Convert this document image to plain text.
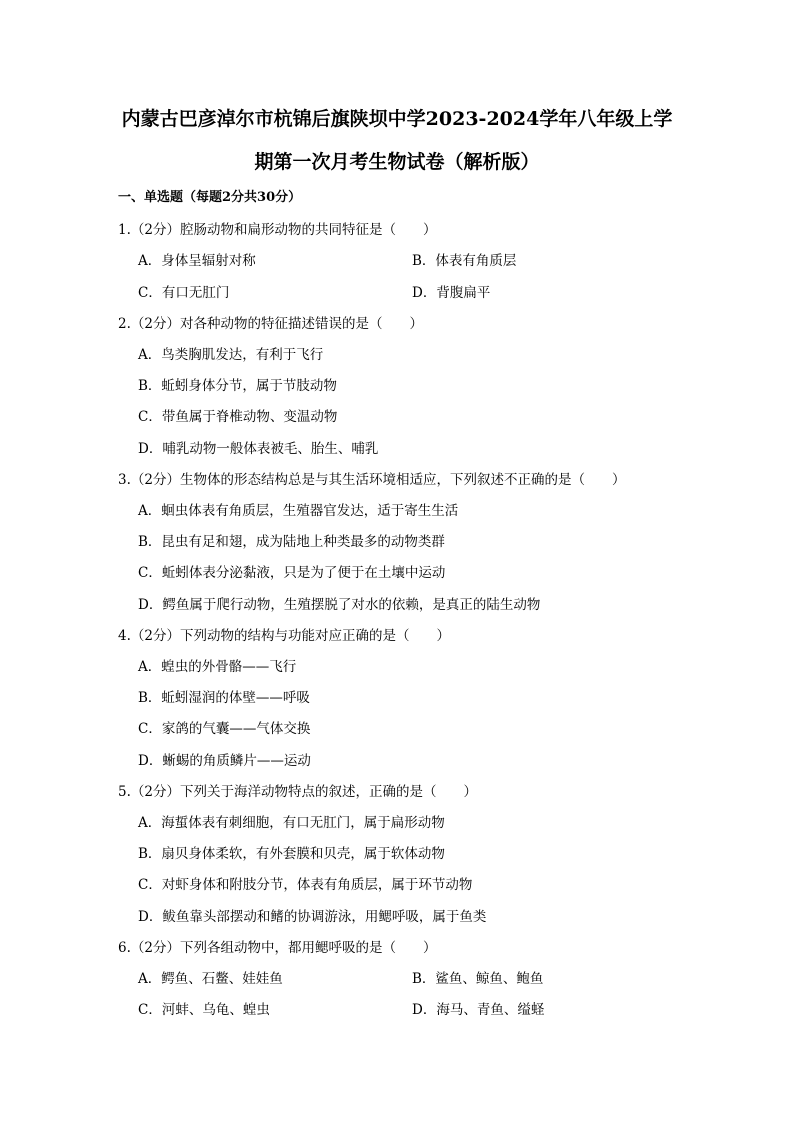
内蒙古巴彦淖尔市杭锦后旗陕坝中学2023-2024学年八年级上学
期第一次月考生物试卷（解析版）
一、单选题（每题2分共30分）
1.（2分）腔肠动物和扁形动物的共同特征是（　　）
A．身体呈辐射对称	B．体表有角质层
C．有口无肛门	D．背腹扁平
2.（2分）对各种动物的特征描述错误的是（　　）
A．鸟类胸肌发达，有利于飞行
B．蚯蚓身体分节，属于节肢动物
C．带鱼属于脊椎动物、变温动物
D．哺乳动物一般体表被毛、胎生、哺乳
3.（2分）生物体的形态结构总是与其生活环境相适应，下列叙述不正确的是（　　）
A．蛔虫体表有角质层，生殖器官发达，适于寄生生活
B．昆虫有足和翅，成为陆地上种类最多的动物类群
C．蚯蚓体表分泌黏液，只是为了便于在土壤中运动
D．鳄鱼属于爬行动物，生殖摆脱了对水的依赖，是真正的陆生动物
4.（2分）下列动物的结构与功能对应正确的是（　　）
A．蝗虫的外骨骼——飞行
B．蚯蚓湿润的体壁——呼吸
C．家鸽的气囊——气体交换
D．蜥蜴的角质鳞片——运动
5.（2分）下列关于海洋动物特点的叙述，正确的是（　　）
A．海蜇体表有刺细胞，有口无肛门，属于扁形动物
B．扇贝身体柔软，有外套膜和贝壳，属于软体动物
C．对虾身体和附肢分节，体表有角质层，属于环节动物
D．鲅鱼靠头部摆动和鳍的协调游泳，用鳃呼吸，属于鱼类
6.（2分）下列各组动物中，都用鳃呼吸的是（　　）
A．鳄鱼、石鳖、娃娃鱼	B．鲨鱼、鲸鱼、鲍鱼
C．河蚌、乌龟、蝗虫	D．海马、青鱼、缢蛏
